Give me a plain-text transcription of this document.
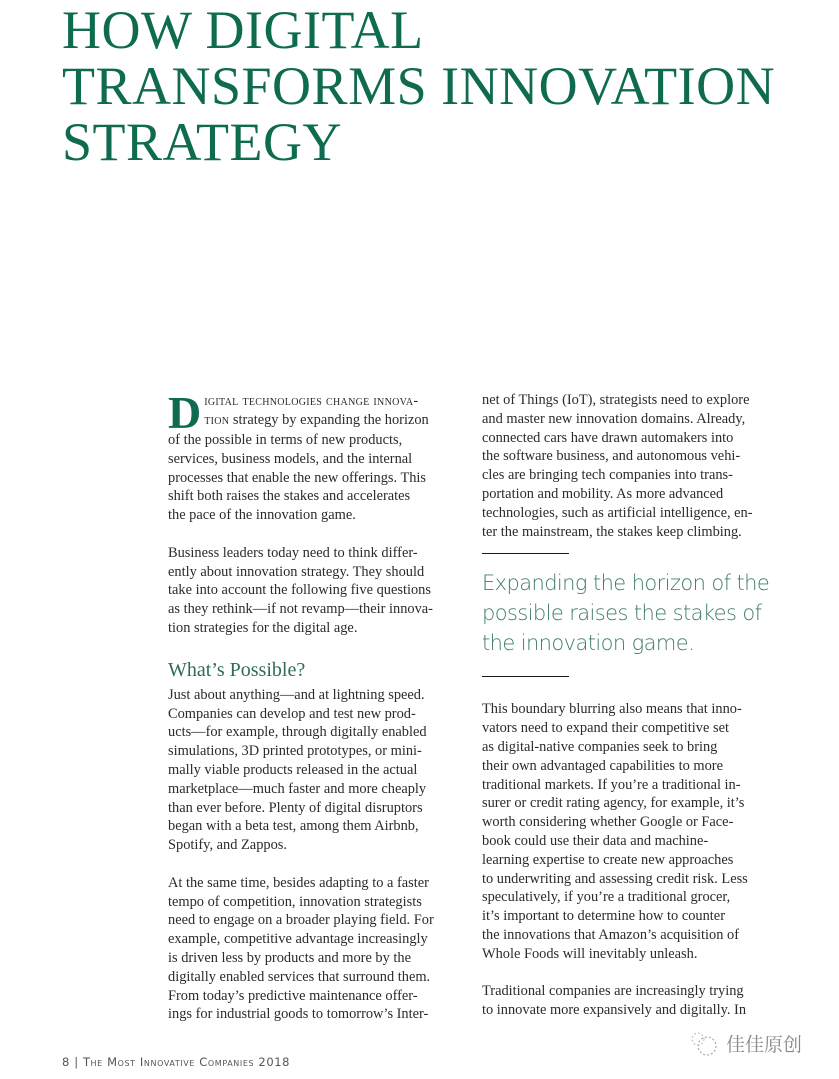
HOW DIGITAL
TRANSFORMS INNOVATION
STRATEGY
D igital technologies change innova-
tion strategy by expanding the horizon
of the possible in terms of new products,
services, business models, and the internal
processes that enable the new offerings. This
shift both raises the stakes and accelerates
the pace of the innovation game.
Business leaders today need to think differ-
ently about innovation strategy. They should
take into account the following five questions
as they rethink—if not revamp—their innova-
tion strategies for the digital age.
What’s Possible?
Just about anything—and at lightning speed.
Companies can develop and test new prod-
ucts—for example, through digitally enabled
simulations, 3D printed prototypes, or mini-
mally viable products released in the actual
marketplace—much faster and more cheaply
than ever before. Plenty of digital disruptors
began with a beta test, among them Airbnb,
Spotify, and Zappos.
At the same time, besides adapting to a faster
tempo of competition, innovation strategists
need to engage on a broader playing field. For
example, competitive advantage increasingly
is driven less by products and more by the
digitally enabled services that surround them.
From today’s predictive maintenance offer-
ings for industrial goods to tomorrow’s Inter-
net of Things (IoT), strategists need to explore
and master new innovation domains. Already,
connected cars have drawn automakers into
the software business, and autonomous vehi-
cles are bringing tech companies into trans-
portation and mobility. As more advanced
technologies, such as artificial intelligence, en-
ter the mainstream, the stakes keep climbing.
Expanding the horizon of the
possible raises the stakes of
the innovation game.
This boundary blurring also means that inno-
vators need to expand their competitive set
as digital-native companies seek to bring
their own advantaged capabilities to more
traditional markets. If you’re a traditional in-
surer or credit rating agency, for example, it’s
worth considering whether Google or Face-
book could use their data and machine-
learning expertise to create new approaches
to underwriting and assessing credit risk. Less
speculatively, if you’re a traditional grocer,
it’s important to determine how to counter
the innovations that Amazon’s acquisition of
Whole Foods will inevitably unleash.
Traditional companies are increasingly trying
to innovate more expansively and digitally. In
8 | The Most Innovative Companies 2018
佳佳原创
